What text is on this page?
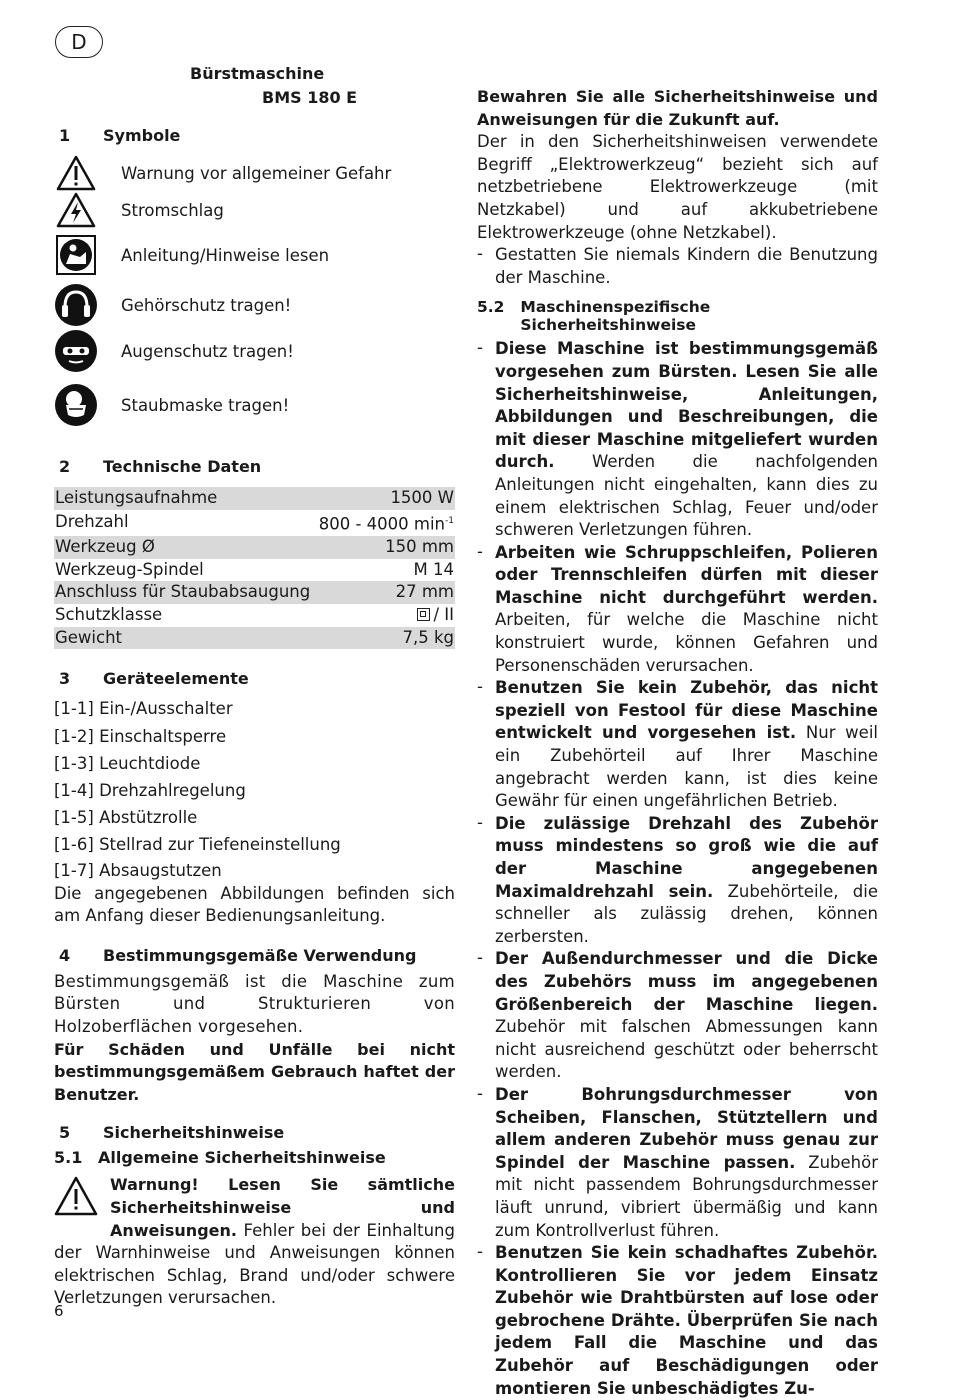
D
Bürstmaschine
BMS 180 E
1	Symbole
Warnung vor allgemeiner Gefahr
Stromschlag
Anleitung/Hinweise lesen
Gehörschutz tragen!
Augenschutz tragen!
Staubmaske tragen!
2	Technische Daten
Leistungsaufnahme	1500 W
Drehzahl	800 - 4000 $\min^{-1}$
Werkzeug Ø	150 mm
Werkzeug-Spindel	M 14
Anschluss für Staubabsaugung	27 mm
Schutzklasse	/ II
Gewicht	7,5 kg
3	Geräteelemente
[1-1] Ein-/Ausschalter
[1-2] Einschaltsperre
[1-3] Leuchtdiode
[1-4] Drehzahlregelung
[1-5] Abstützrolle
[1-6] Stellrad zur Tiefeneinstellung
[1-7] Absaugstutzen

Die angegebenen Abbildungen befinden sich am Anfang dieser Bedienungsanleitung.

4	Bestimmungsgemäße Verwendung

Bestimmungsgemäß ist die Maschine zum Bürsten und Strukturieren von Holzoberflächen vorgesehen.

Für Schäden und Unfälle bei nicht bestimmungsgemäßem Gebrauch haftet der Benutzer.

5	Sicherheitshinweise
5.1 Allgemeine Sicherheitshinweise

Warnung! Lesen Sie sämtliche Sicherheitshinweise und Anweisungen. Fehler bei der Einhaltung der Warnhinweise und Anweisungen können elektrischen Schlag, Brand und/oder schwere Verletzungen verursachen.

Bewahren Sie alle Sicherheitshinweise und Anweisungen für die Zukunft auf.

Der in den Sicherheitshinweisen verwendete Begriff „Elektrowerkzeug“ bezieht sich auf netzbetriebene Elektrowerkzeuge (mit Netzkabel) und auf akkubetriebene Elektrowerkzeuge (ohne Netzkabel).

- Gestatten Sie niemals Kindern die Benutzung der Maschine.
5.2	Maschinenspezifische Sicherheitshinweise
- Diese Maschine ist bestimmungsgemäß vorgesehen zum Bürsten. Lesen Sie alle Sicherheitshinweise, Anleitungen, Abbildungen und Beschreibungen, die mit dieser Maschine mitgeliefert wurden durch. Werden die nachfolgenden Anleitungen nicht eingehalten, kann dies zu einem elektrischen Schlag, Feuer und/oder schweren Verletzungen führen.
- Arbeiten wie Schruppschleifen, Polieren oder Trennschleifen dürfen mit dieser Maschine nicht durchgeführt werden. Arbeiten, für welche die Maschine nicht konstruiert wurde, können Gefahren und Personenschäden verursachen.
- Benutzen Sie kein Zubehör, das nicht speziell von Festool für diese Maschine entwickelt und vorgesehen ist. Nur weil ein Zubehörteil auf Ihrer Maschine angebracht werden kann, ist dies keine Gewähr für einen ungefährlichen Betrieb.
- Die zulässige Drehzahl des Zubehör muss mindestens so groß wie die auf der Maschine angegebenen Maximaldrehzahl sein. Zubehörteile, die schneller als zulässig drehen, können zerbersten.
- Der Außendurchmesser und die Dicke des Zubehörs muss im angegebenen Größenbereich der Maschine liegen. Zubehör mit falschen Abmessungen kann nicht ausreichend geschützt oder beherrscht werden.
- Der Bohrungsdurchmesser von Scheiben, Flanschen, Stütztellern und allem anderen Zubehör muss genau zur Spindel der Maschine passen. Zubehör mit nicht passendem Bohrungsdurchmesser läuft unrund, vibriert übermäßig und kann zum Kontrollverlust führen.
- Benutzen Sie kein schadhaftes Zubehör. Kontrollieren Sie vor jedem Einsatz Zubehör wie Drahtbürsten auf lose oder gebrochene Drähte. Überprüfen Sie nach jedem Fall die Maschine und das Zubehör auf Beschädigungen oder montieren Sie unbeschädigtes Zu-
6
